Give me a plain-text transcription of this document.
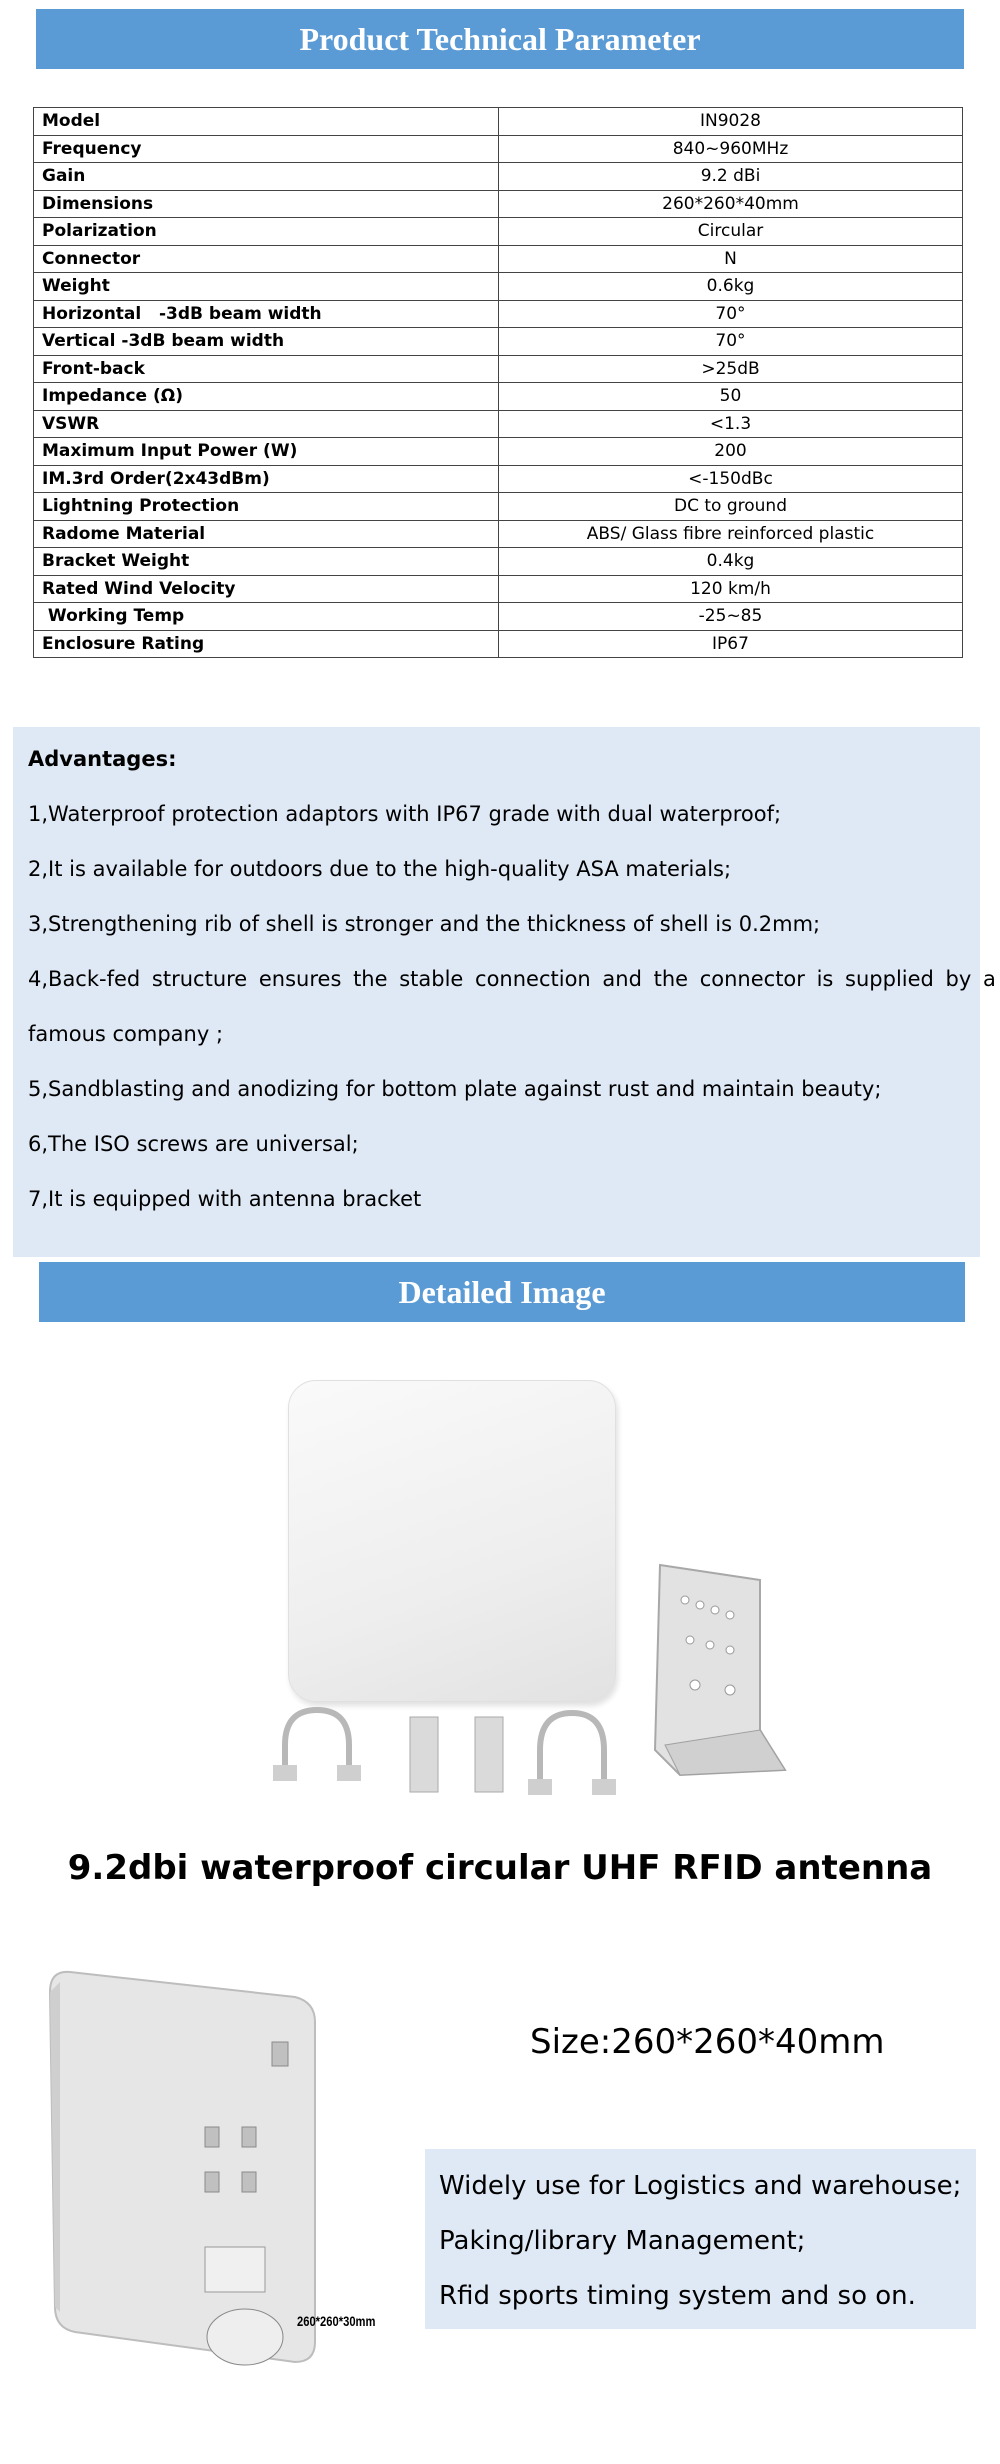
Product Technical Parameter
Model	IN9028
Frequency	840~960MHz
Gain	9.2 dBi
Dimensions	260*260*40mm
Polarization	Circular
Connector	N
Weight	0.6kg
Horizontal   -3dB beam width	70°
Vertical -3dB beam width	70°
Front-back	>25dB
Impedance (Ω)	50
VSWR	<1.3
Maximum Input Power (W)	200
IM.3rd Order(2x43dBm)	<-150dBc
Lightning Protection	DC to ground
Radome Material	ABS/ Glass fibre reinforced plastic
Bracket Weight	0.4kg
Rated Wind Velocity	120 km/h
Working Temp	-25~85
Enclosure Rating	IP67
Advantages:
1,Waterproof protection adaptors with IP67 grade with dual waterproof;
2,It is available for outdoors due to the high-quality ASA materials;
3,Strengthening rib of shell is stronger and the thickness of shell is 0.2mm;
4,Back-fed structure ensures the stable connection and the connector is supplied by a
famous company ;
5,Sandblasting and anodizing for bottom plate against rust and maintain beauty;
6,The ISO screws are universal;
7,It is equipped with antenna bracket
Detailed Image
9.2dbi waterproof circular UHF RFID antenna
260*260*30mm
Size:260*260*40mm
Widely use for Logistics and warehouse;
Paking/library Management;
Rfid sports timing system and so on.
